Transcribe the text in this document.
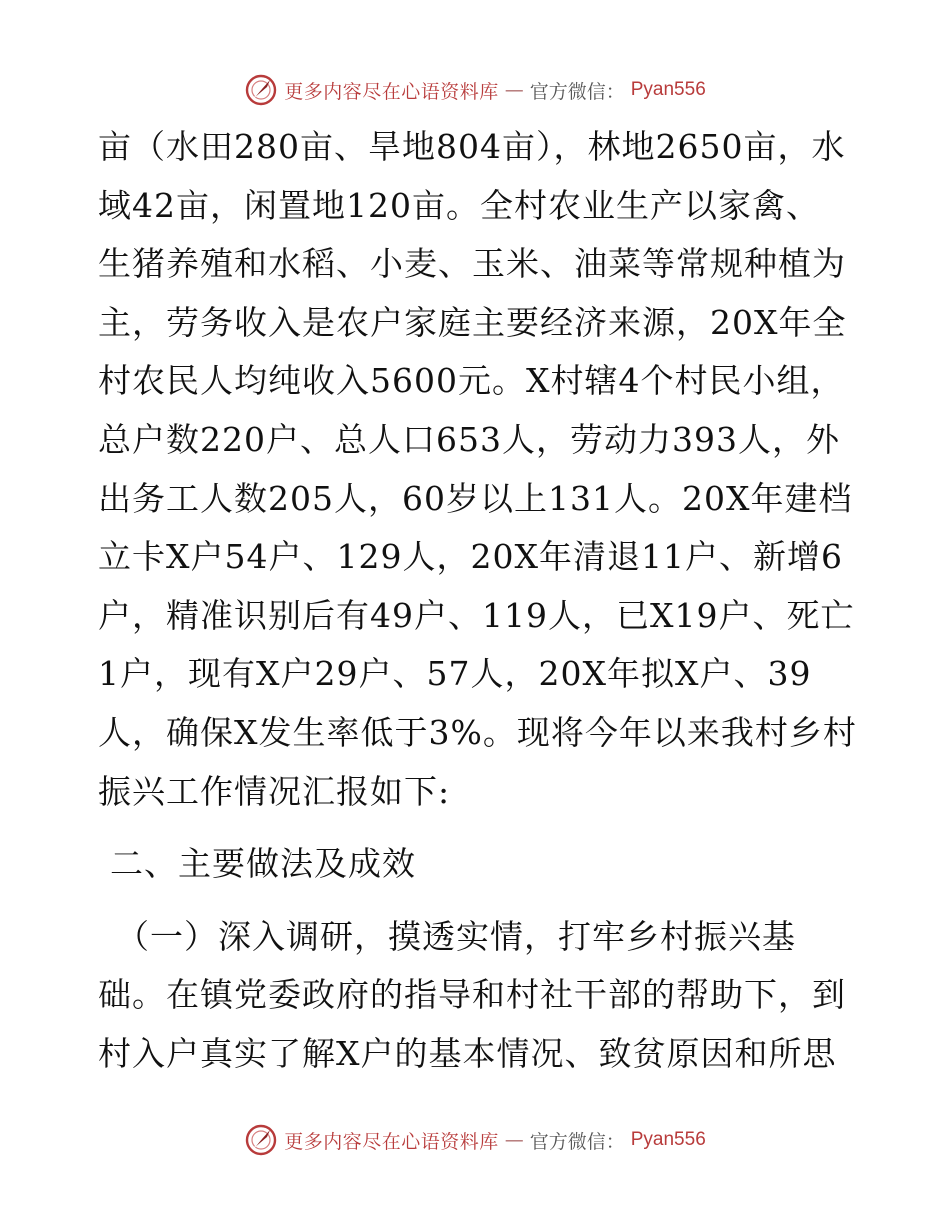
更多内容尽在心语资料库 — 官方微信： Pyan556
亩（水田280亩、旱地804亩），林地2650亩，水
域42亩，闲置地120亩。全村农业生产以家禽、
生猪养殖和水稻、小麦、玉米、油菜等常规种植为
主，劳务收入是农户家庭主要经济来源，20X年全
村农民人均纯收入5600元。X村辖4个村民小组，
总户数220户、总人口653人，劳动力393人，外
出务工人数205人，60岁以上131人。20X年建档
立卡X户54户、129人，20X年清退11户、新增6
户，精准识别后有49户、119人，已X19户、死亡
1户，现有X户29户、57人，20X年拟X户、39
人，确保X发生率低于3%。现将今年以来我村乡村
振兴工作情况汇报如下:
二、主要做法及成效
（一）深入调研，摸透实情，打牢乡村振兴基
础。在镇党委政府的指导和村社干部的帮助下，到
村入户真实了解X户的基本情况、致贫原因和所思
更多内容尽在心语资料库 — 官方微信： Pyan556
